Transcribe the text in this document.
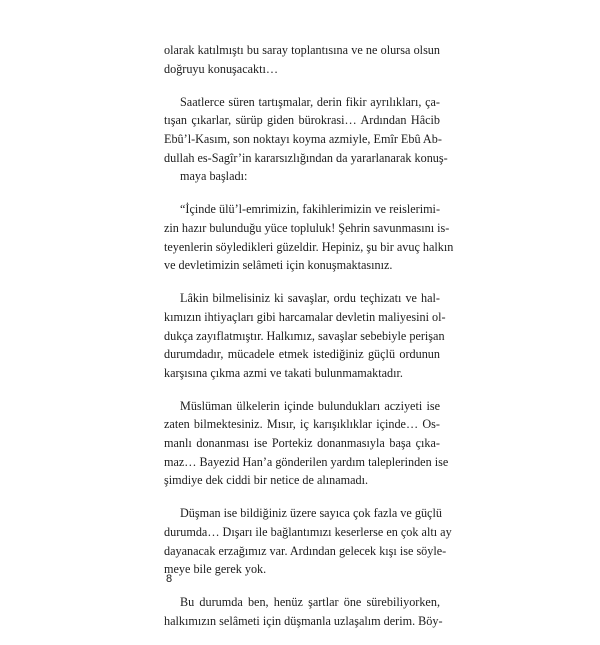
olarak katılmıştı bu saray toplantısına ve ne olursa olsun
doğruyu konuşacaktı…

Saatlerce süren tartışmalar, derin fikir ayrılıkları, ça-
tışan çıkarlar, sürüp giden bürokrasi… Ardından Hâcib
Ebû’l-Kasım, son noktayı koyma azmiyle, Emîr Ebû Ab-
dullah es-Sagîr’in kararsızlığından da yararlanarak konuş-
maya başladı:

“İçinde ülü’l-emrimizin, fakihlerimizin ve reislerimi-
zin hazır bulunduğu yüce topluluk! Şehrin savunmasını is-
teyenlerin söyledikleri güzeldir. Hepiniz, şu bir avuç halkın
ve devletimizin selâmeti için konuşmaktasınız.

Lâkin bilmelisiniz ki savaşlar, ordu teçhizatı ve hal-
kımızın ihtiyaçları gibi harcamalar devletin maliyesini ol-
dukça zayıflatmıştır. Halkımız, savaşlar sebebiyle perişan
durumdadır, mücadele etmek istediğiniz güçlü ordunun
karşısına çıkma azmi ve takati bulunmamaktadır.

Müslüman ülkelerin içinde bulundukları acziyeti ise
zaten bilmektesiniz. Mısır, iç karışıklıklar içinde… Os-
manlı donanması ise Portekiz donanmasıyla başa çıka-
maz… Bayezid Han’a gönderilen yardım taleplerinden ise
şimdiye dek ciddi bir netice de alınamadı.

Düşman ise bildiğiniz üzere sayıca çok fazla ve güçlü
durumda… Dışarı ile bağlantımızı keserlerse en çok altı ay
dayanacak erzağımız var. Ardından gelecek kışı ise söyle-
meye bile gerek yok.

Bu durumda ben, henüz şartlar öne sürebiliyorken,
halkımızın selâmeti için düşmanla uzlaşalım derim. Böy-

8
